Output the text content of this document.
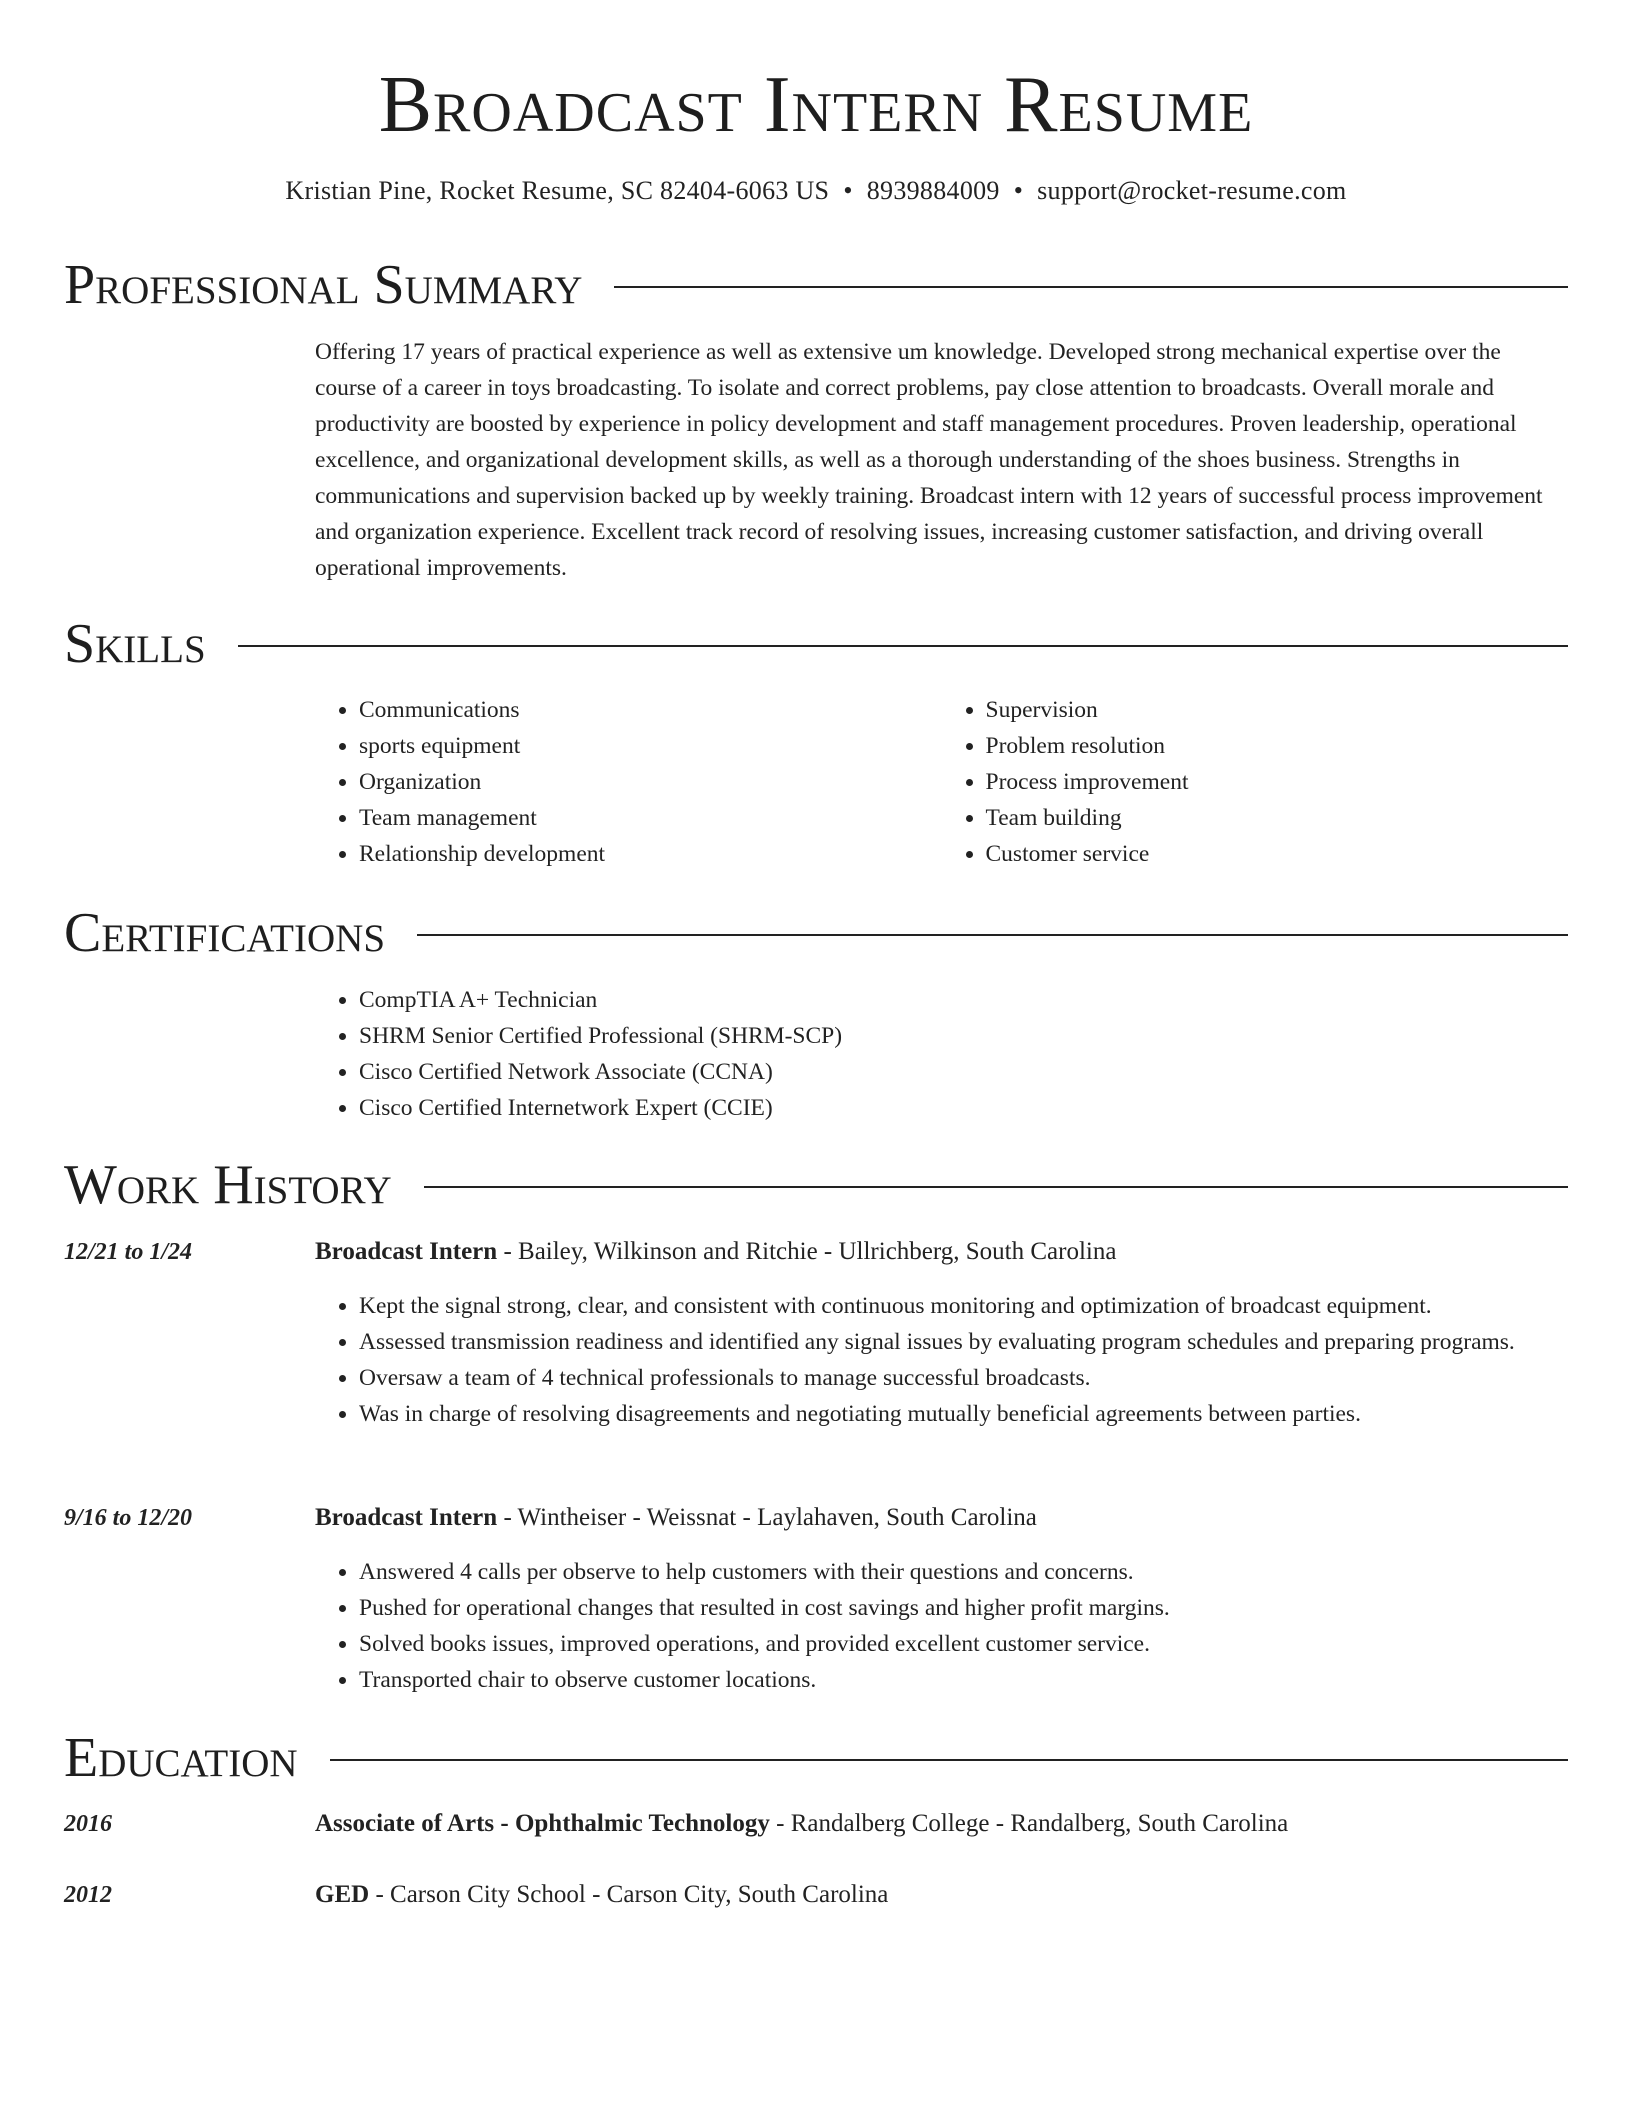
Broadcast Intern Resume
Kristian Pine, Rocket Resume, SC 82404-6063 US • 8939884009 • support@rocket-resume.com
Professional Summary

Offering 17 years of practical experience as well as extensive um knowledge. Developed strong mechanical expertise over the course of a career in toys broadcasting. To isolate and correct problems, pay close attention to broadcasts. Overall morale and productivity are boosted by experience in policy development and staff management procedures. Proven leadership, operational excellence, and organizational development skills, as well as a thorough understanding of the shoes business. Strengths in communications and supervision backed up by weekly training. Broadcast intern with 12 years of successful process improvement and organization experience. Excellent track record of resolving issues, increasing customer satisfaction, and driving overall operational improvements.

Skills
• Communications
• sports equipment
• Organization
• Team management
• Relationship development
• Supervision
• Problem resolution
• Process improvement
• Team building
• Customer service
Certifications
• CompTIA A+ Technician
• SHRM Senior Certified Professional (SHRM-SCP)
• Cisco Certified Network Associate (CCNA)
• Cisco Certified Internetwork Expert (CCIE)
Work History
12/21 to 1/24	Broadcast Intern - Bailey, Wilkinson and Ritchie - Ullrichberg, South Carolina
• Kept the signal strong, clear, and consistent with continuous monitoring and optimization of broadcast equipment.
• Assessed transmission readiness and identified any signal issues by evaluating program schedules and preparing programs.
• Oversaw a team of 4 technical professionals to manage successful broadcasts.
• Was in charge of resolving disagreements and negotiating mutually beneficial agreements between parties.
9/16 to 12/20	Broadcast Intern - Wintheiser - Weissnat - Laylahaven, South Carolina
• Answered 4 calls per observe to help customers with their questions and concerns.
• Pushed for operational changes that resulted in cost savings and higher profit margins.
• Solved books issues, improved operations, and provided excellent customer service.
• Transported chair to observe customer locations.
Education
2016	Associate of Arts - Ophthalmic Technology - Randalberg College - Randalberg, South Carolina
2012	GED - Carson City School - Carson City, South Carolina
